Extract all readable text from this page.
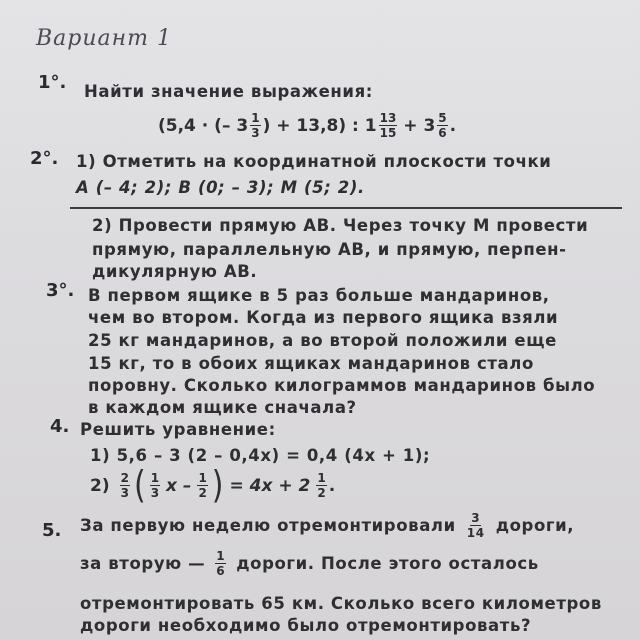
Вариант 1
1°. Найти значение выражения:
(5,4 · (– $3 \frac{1}{3}$ ) + 13,8) : $1 \frac{13}{15} + 3 \frac{5}{6}$ .
2°. 1) Отметить на координатной плоскости точки
A (– 4; 2); B (0; – 3); M (5; 2).
2) Провести прямую AB. Через точку M провести
прямую, параллельную AB, и прямую, перпен-
дикулярную AB.
3°. В первом ящике в 5 раз больше мандаринов,
чем во втором. Когда из первого ящика взяли
25 кг мандаринов, а во второй положили еще
15 кг, то в обоих ящиках мандаринов стало
поровну. Сколько килограммов мандаринов было
в каждом ящике сначала?
4. Решить уравнение:
1) 5,6 – 3 (2 – 0,4x) = 0,4 (4x + 1);
$2) \frac{2}{3}$ ( $\frac{1}{3}$ x – $\frac{1}{2}$ ) = $4x + 2 \frac{1}{2}$ .
5. За первую неделю отремонтировали $\frac{3}{14}$ дороги,
за вторую — $\frac{1}{6}$ дороги. После этого осталось
отремонтировать 65 км. Сколько всего километров
дороги необходимо было отремонтировать?
